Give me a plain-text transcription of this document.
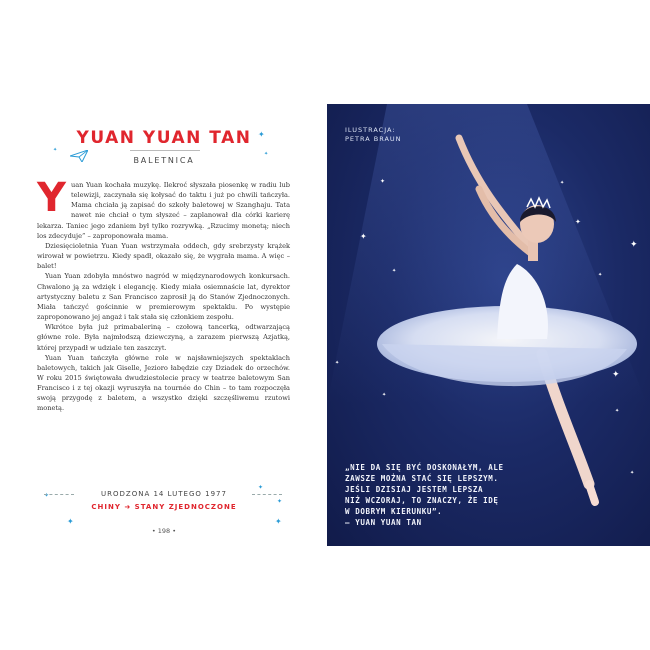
✦
✦
✦
✦
✦
✦
✦	✦
YUAN YUAN TAN
BALETNICA
Y uan Yuan kochała muzykę. Ilekroć słyszała piosenkę w radiu lub telewizji, zaczynała się kołysać do taktu i już po chwili tańczyła. Mama chciała ją zapisać do szkoły baletowej w Szanghaju. Tata nawet nie chciał o tym słyszeć – zaplanował dla córki karierę lekarza. Taniec jego zdaniem był tylko rozrywką. „Rzucimy monetą; niech los zdecyduje” – zaproponowała mama.

Dziesięcioletnia Yuan Yuan wstrzymała oddech, gdy srebrzysty krążek wirował w powietrzu. Kiedy spadł, okazało się, że wygrała mama. A więc – balet!

Yuan Yuan zdobyła mnóstwo nagród w międzynarodowych konkursach. Chwalono ją za wdzięk i elegancję. Kiedy miała osiemnaście lat, dyrektor artystyczny baletu z San Francisco zaprosił ją do Stanów Zjednoczonych. Miała tańczyć gościnnie w premierowym spektaklu. Po występie zaproponowano jej angaż i tak stała się członkiem zespołu.

Wkrótce była już primabaleriną – czołową tancerką, odtwarzającą główne role. Była najmłodszą dziewczyną, a zarazem pierwszą Azjatką, której przypadł w udziale ten zaszczyt.

Yuan Yuan tańczyła główne role w najsławniejszych spektaklach baletowych, takich jak Giselle, Jezioro łabędzie czy Dziadek do orzechów. W roku 2015 świętowała dwudziestolecie pracy w teatrze baletowym San Francisco i z tej okazji wyruszyła na tournée do Chin – to tam rozpoczęła swoją przygodę z baletem, a wszystko dzięki szczęśliwemu rzutowi monetą.

URODZONA 14 LUTEGO 1977
CHINY ➜ STANY ZJEDNOCZONE
• 198 •
✦
✦
✦
✦
✦
✦
✦
✦
✦
✦
✦
✦
ILUSTRACJA:
PETRA BRAUN
„NIE DA SIĘ BYĆ DOSKONAŁYM, ALE
ZAWSZE MOŻNA STAĆ SIĘ LEPSZYM.
JEŚLI DZISIAJ JESTEM LEPSZA
NIŻ WCZORAJ, TO ZNACZY, ŻE IDĘ
W DOBRYM KIERUNKU”.
– YUAN YUAN TAN
